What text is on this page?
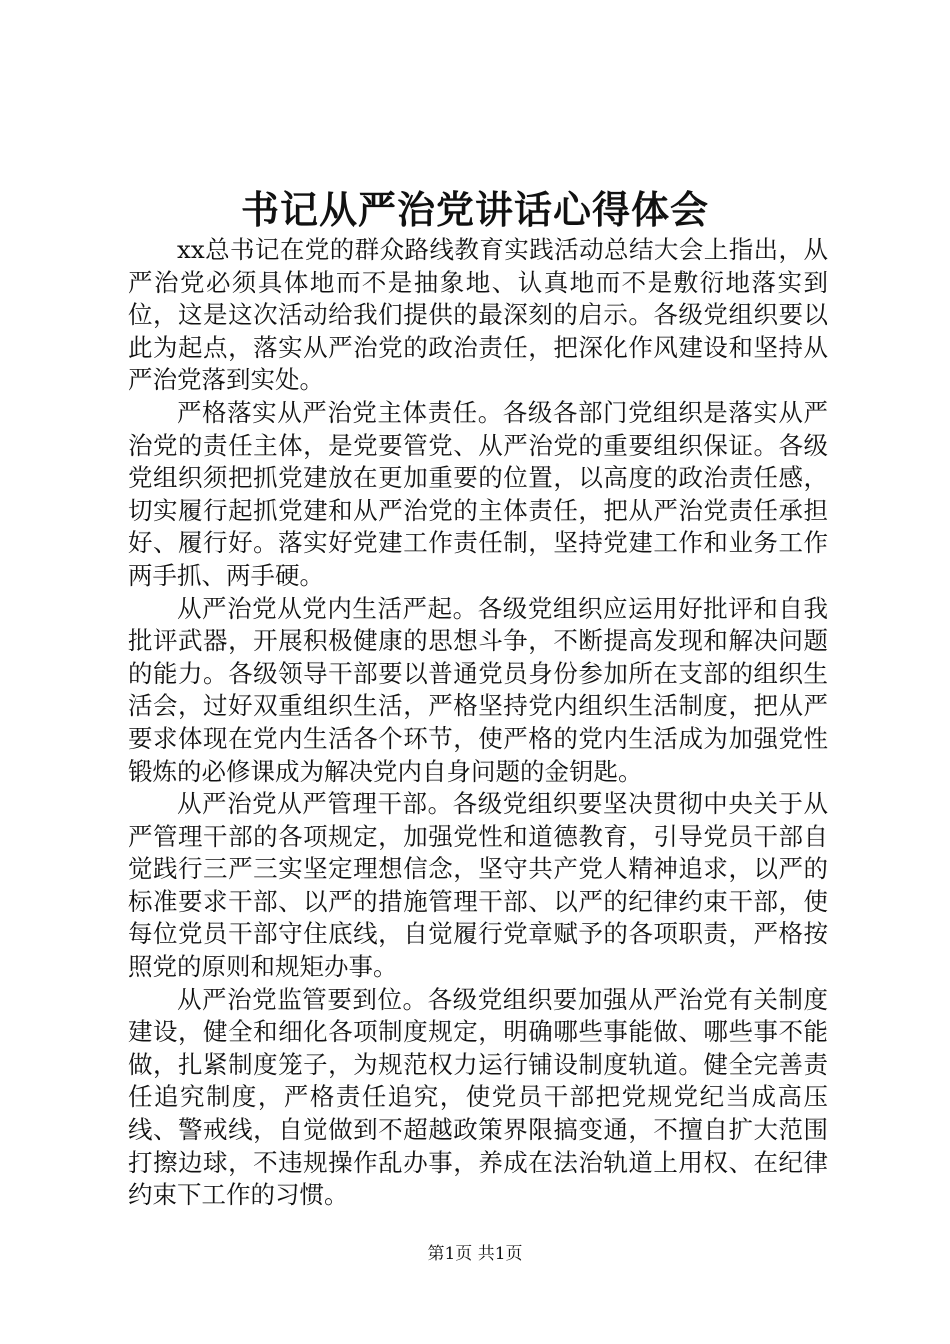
书记从严治党讲话心得体会

xx总书记在党的群众路线教育实践活动总结大会上指出，从严治党必须具体地而不是抽象地、认真地而不是敷衍地落实到位，这是这次活动给我们提供的最深刻的启示。各级党组织要以此为起点，落实从严治党的政治责任，把深化作风建设和坚持从严治党落到实处。

严格落实从严治党主体责任。各级各部门党组织是落实从严治党的责任主体，是党要管党、从严治党的重要组织保证。各级党组织须把抓党建放在更加重要的位置，以高度的政治责任感，切实履行起抓党建和从严治党的主体责任，把从严治党责任承担好、履行好。落实好党建工作责任制，坚持党建工作和业务工作两手抓、两手硬。

从严治党从党内生活严起。各级党组织应运用好批评和自我批评武器，开展积极健康的思想斗争，不断提高发现和解决问题的能力。各级领导干部要以普通党员身份参加所在支部的组织生活会，过好双重组织生活，严格坚持党内组织生活制度，把从严要求体现在党内生活各个环节，使严格的党内生活成为加强党性锻炼的必修课成为解决党内自身问题的金钥匙。

从严治党从严管理干部。各级党组织要坚决贯彻中央关于从严管理干部的各项规定，加强党性和道德教育，引导党员干部自觉践行三严三实坚定理想信念，坚守共产党人精神追求，以严的标准要求干部、以严的措施管理干部、以严的纪律约束干部，使每位党员干部守住底线，自觉履行党章赋予的各项职责，严格按照党的原则和规矩办事。

从严治党监管要到位。各级党组织要加强从严治党有关制度建设，健全和细化各项制度规定，明确哪些事能做、哪些事不能做，扎紧制度笼子，为规范权力运行铺设制度轨道。健全完善责任追究制度，严格责任追究，使党员干部把党规党纪当成高压线、警戒线，自觉做到不超越政策界限搞变通，不擅自扩大范围打擦边球，不违规操作乱办事，养成在法治轨道上用权、在纪律约束下工作的习惯。

第1页 共1页
